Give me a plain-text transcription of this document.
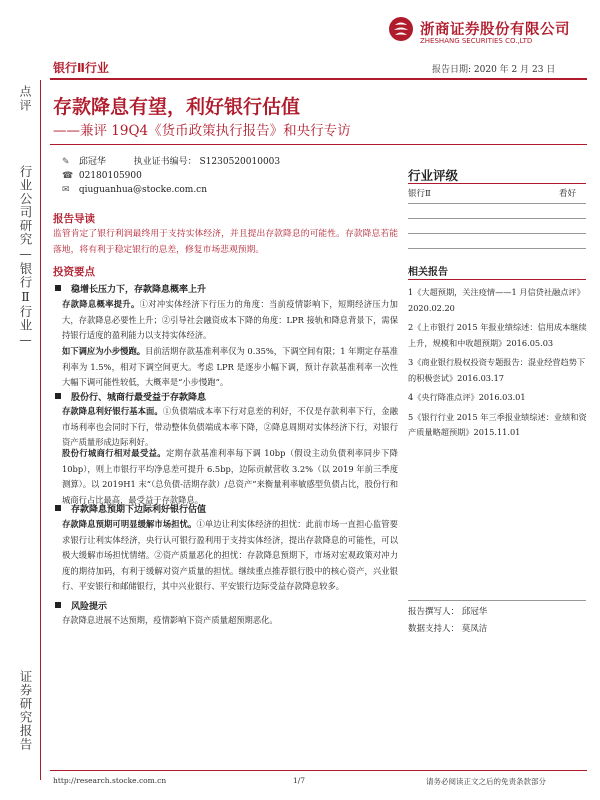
浙商证券股份有限公司
ZHESHANG SECURITIES CO.,LTD
银行Ⅱ行业	报告日期: 2020 年 2 月 23 日
点评
行业公司研究—银行Ⅱ行业—
证券研究报告
存款降息有望，利好银行估值
——兼评 19Q4《货币政策执行报告》和央行专访
✎ 邱冠华	执业证书编号： S1230520010003
☎ 02180105900
✉ qiuguanhua@stocke.com.cn
行业评级
银行Ⅱ	看好
相关报告
1《大超预期，关注疫情——1 月信贷社融点评》2020.02.20
2《上市银行 2015 年报业绩综述：信用成本继续上升，规模和中收超预期》2016.05.03
3《商业银行股权投资专题报告：混业经营趋势下的积极尝试》2016.03.17
4《央行降准点评》2016.03.01
5《银行行业 2015 年三季报业绩综述：业绩和资产质量略超预期》2015.11.01
报告撰写人： 邱冠华
数据支持人： 莫凤洁
报告导读
监管肯定了银行利润最终用于支持实体经济，并且提出存款降息的可能性。存款降息若能落地，将有利于稳定银行的息差，修复市场悲观预期。
投资要点
稳增长压力下，存款降息概率上升
存款降息概率提升。①对冲实体经济下行压力的角度：当前疫情影响下，短期经济压力加大，存款降息必要性上升；②引导社会融资成本下降的角度：LPR 接轨和降息背景下，需保持银行适度的盈利能力以支持实体经济。
如下调应为小步慢跑。目前活期存款基准利率仅为 0.35%，下调空间有限；1 年期定存基准利率为 1.5%，相对下调空间更大。考虑 LPR 是逐步小幅下调，预计存款基准利率一次性大幅下调可能性较低，大概率是“小步慢跑”。
股份行、城商行最受益于存款降息
存款降息利好银行基本面。①负债端成本率下行对息差的利好，不仅是存款利率下行，金融市场利率也会同时下行，带动整体负债端成本率下降，②降息周期对实体经济下行，对银行资产质量形成边际利好。
股份行城商行相对最受益。定期存款基准利率每下调 10bp（假设主动负债利率同步下降 10bp），则上市银行平均净息差可提升 6.5bp，边际贡献营收 3.2%（以 2019 年前三季度测算）。以 2019H1 末“（总负债-活期存款）/总资产”来衡量利率敏感型负债占比，股份行和城商行占比最高，最受益于存款降息。
存款降息预期下边际利好银行估值
存款降息预期可明显缓解市场担忧。①单边让利实体经济的担忧：此前市场一直担心监管要求银行让利实体经济，央行认可银行盈利用于支持实体经济，提出存款降息的可能性，可以极大缓解市场担忧情绪。②资产质量恶化的担忧：存款降息预期下，市场对宏观政策对冲力度的期待加码，有利于缓解对资产质量的担忧。继续重点推荐银行股中的核心资产，兴业银行、平安银行和邮储银行，其中兴业银行、平安银行边际受益存款降息较多。
风险提示
存款降息进展不达预期，疫情影响下资产质量超预期恶化。
http://research.stocke.com.cn	1/7	请务必阅读正文之后的免责条款部分
